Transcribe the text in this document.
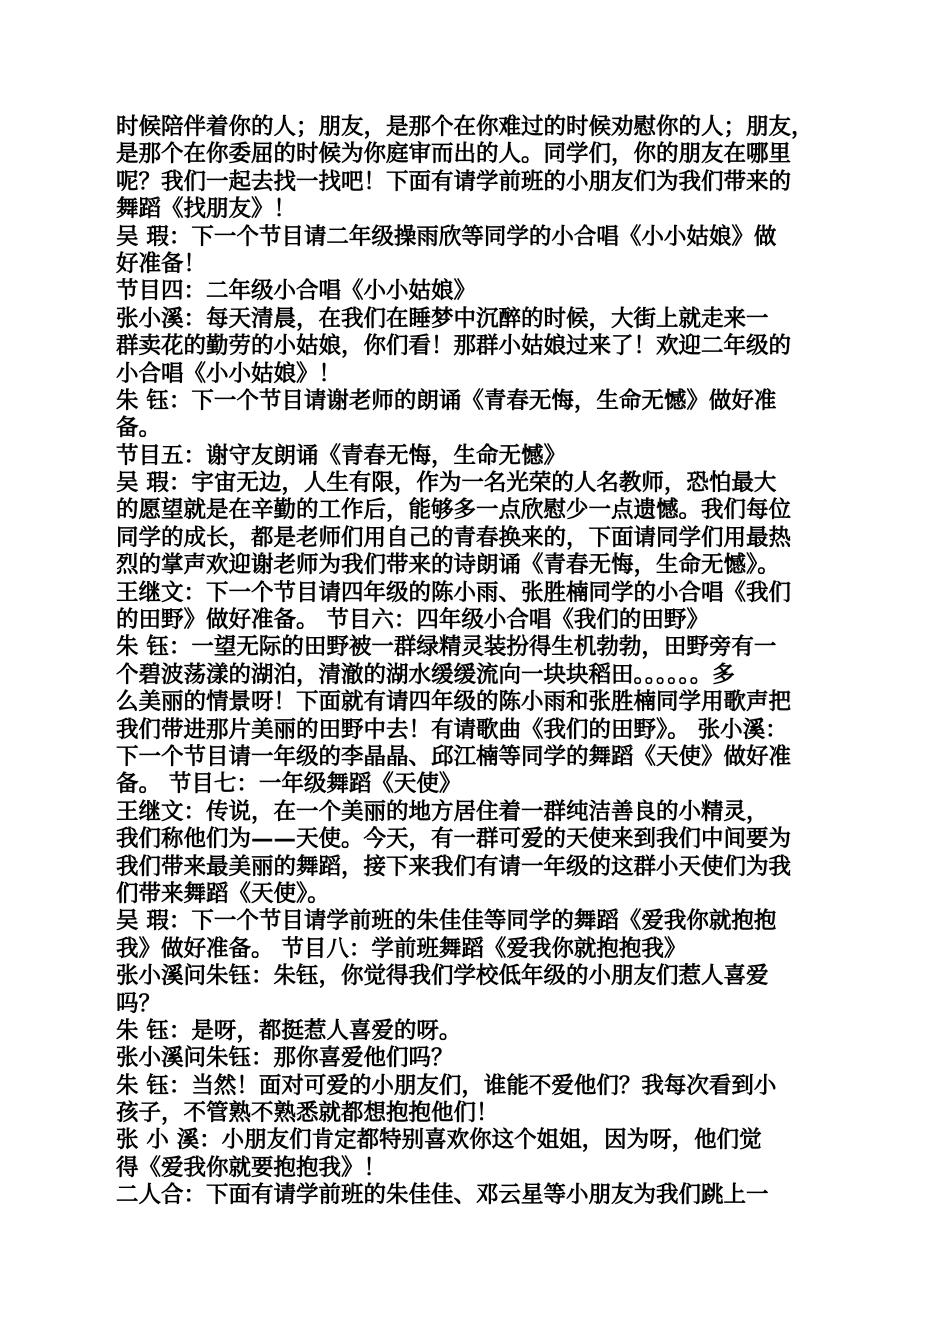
时候陪伴着你的人；朋友，是那个在你难过的时候劝慰你的人；朋友，
是那个在你委屈的时候为你庭审而出的人。同学们，你的朋友在哪里
呢？我们一起去找一找吧！下面有请学前班的小朋友们为我们带来的
舞蹈《找朋友》！
吴 瑕：下一个节目请二年级操雨欣等同学的小合唱《小小姑娘》做
好准备！
节目四：二年级小合唱《小小姑娘》
张小溪：每天清晨，在我们在睡梦中沉醉的时候，大街上就走来一
群卖花的勤劳的小姑娘，你们看！那群小姑娘过来了！欢迎二年级的
小合唱《小小姑娘》！
朱 钰：下一个节目请谢老师的朗诵《青春无悔，生命无憾》做好准
备。
节目五：谢守友朗诵《青春无悔，生命无憾》
吴 瑕：宇宙无边，人生有限，作为一名光荣的人名教师，恐怕最大
的愿望就是在辛勤的工作后，能够多一点欣慰少一点遗憾。我们每位
同学的成长，都是老师们用自己的青春换来的，下面请同学们用最热
烈的掌声欢迎谢老师为我们带来的诗朗诵《青春无悔，生命无憾》。
王继文：下一个节目请四年级的陈小雨、张胜楠同学的小合唱《我们
的田野》做好准备。 节目六：四年级小合唱《我们的田野》
朱 钰：一望无际的田野被一群绿精灵装扮得生机勃勃，田野旁有一
个碧波荡漾的湖泊，清澈的湖水缓缓流向一块块稻田。。。。。。多
么美丽的情景呀！下面就有请四年级的陈小雨和张胜楠同学用歌声把
我们带进那片美丽的田野中去！有请歌曲《我们的田野》。 张小溪：
下一个节目请一年级的李晶晶、邱江楠等同学的舞蹈《天使》做好准
备。 节目七：一年级舞蹈《天使》
王继文：传说，在一个美丽的地方居住着一群纯洁善良的小精灵，
我们称他们为——天使。今天，有一群可爱的天使来到我们中间要为
我们带来最美丽的舞蹈，接下来我们有请一年级的这群小天使们为我
们带来舞蹈《天使》。
吴 瑕：下一个节目请学前班的朱佳佳等同学的舞蹈《爱我你就抱抱
我》做好准备。 节目八：学前班舞蹈《爱我你就抱抱我》
张小溪问朱钰：朱钰，你觉得我们学校低年级的小朋友们惹人喜爱
吗？
朱 钰：是呀，都挺惹人喜爱的呀。
张小溪问朱钰：那你喜爱他们吗？
朱 钰：当然！面对可爱的小朋友们，谁能不爱他们？我每次看到小
孩子，不管熟不熟悉就都想抱抱他们！
张 小 溪：小朋友们肯定都特别喜欢你这个姐姐，因为呀，他们觉
得《爱我你就要抱抱我》！
二人合：下面有请学前班的朱佳佳、邓云星等小朋友为我们跳上一
